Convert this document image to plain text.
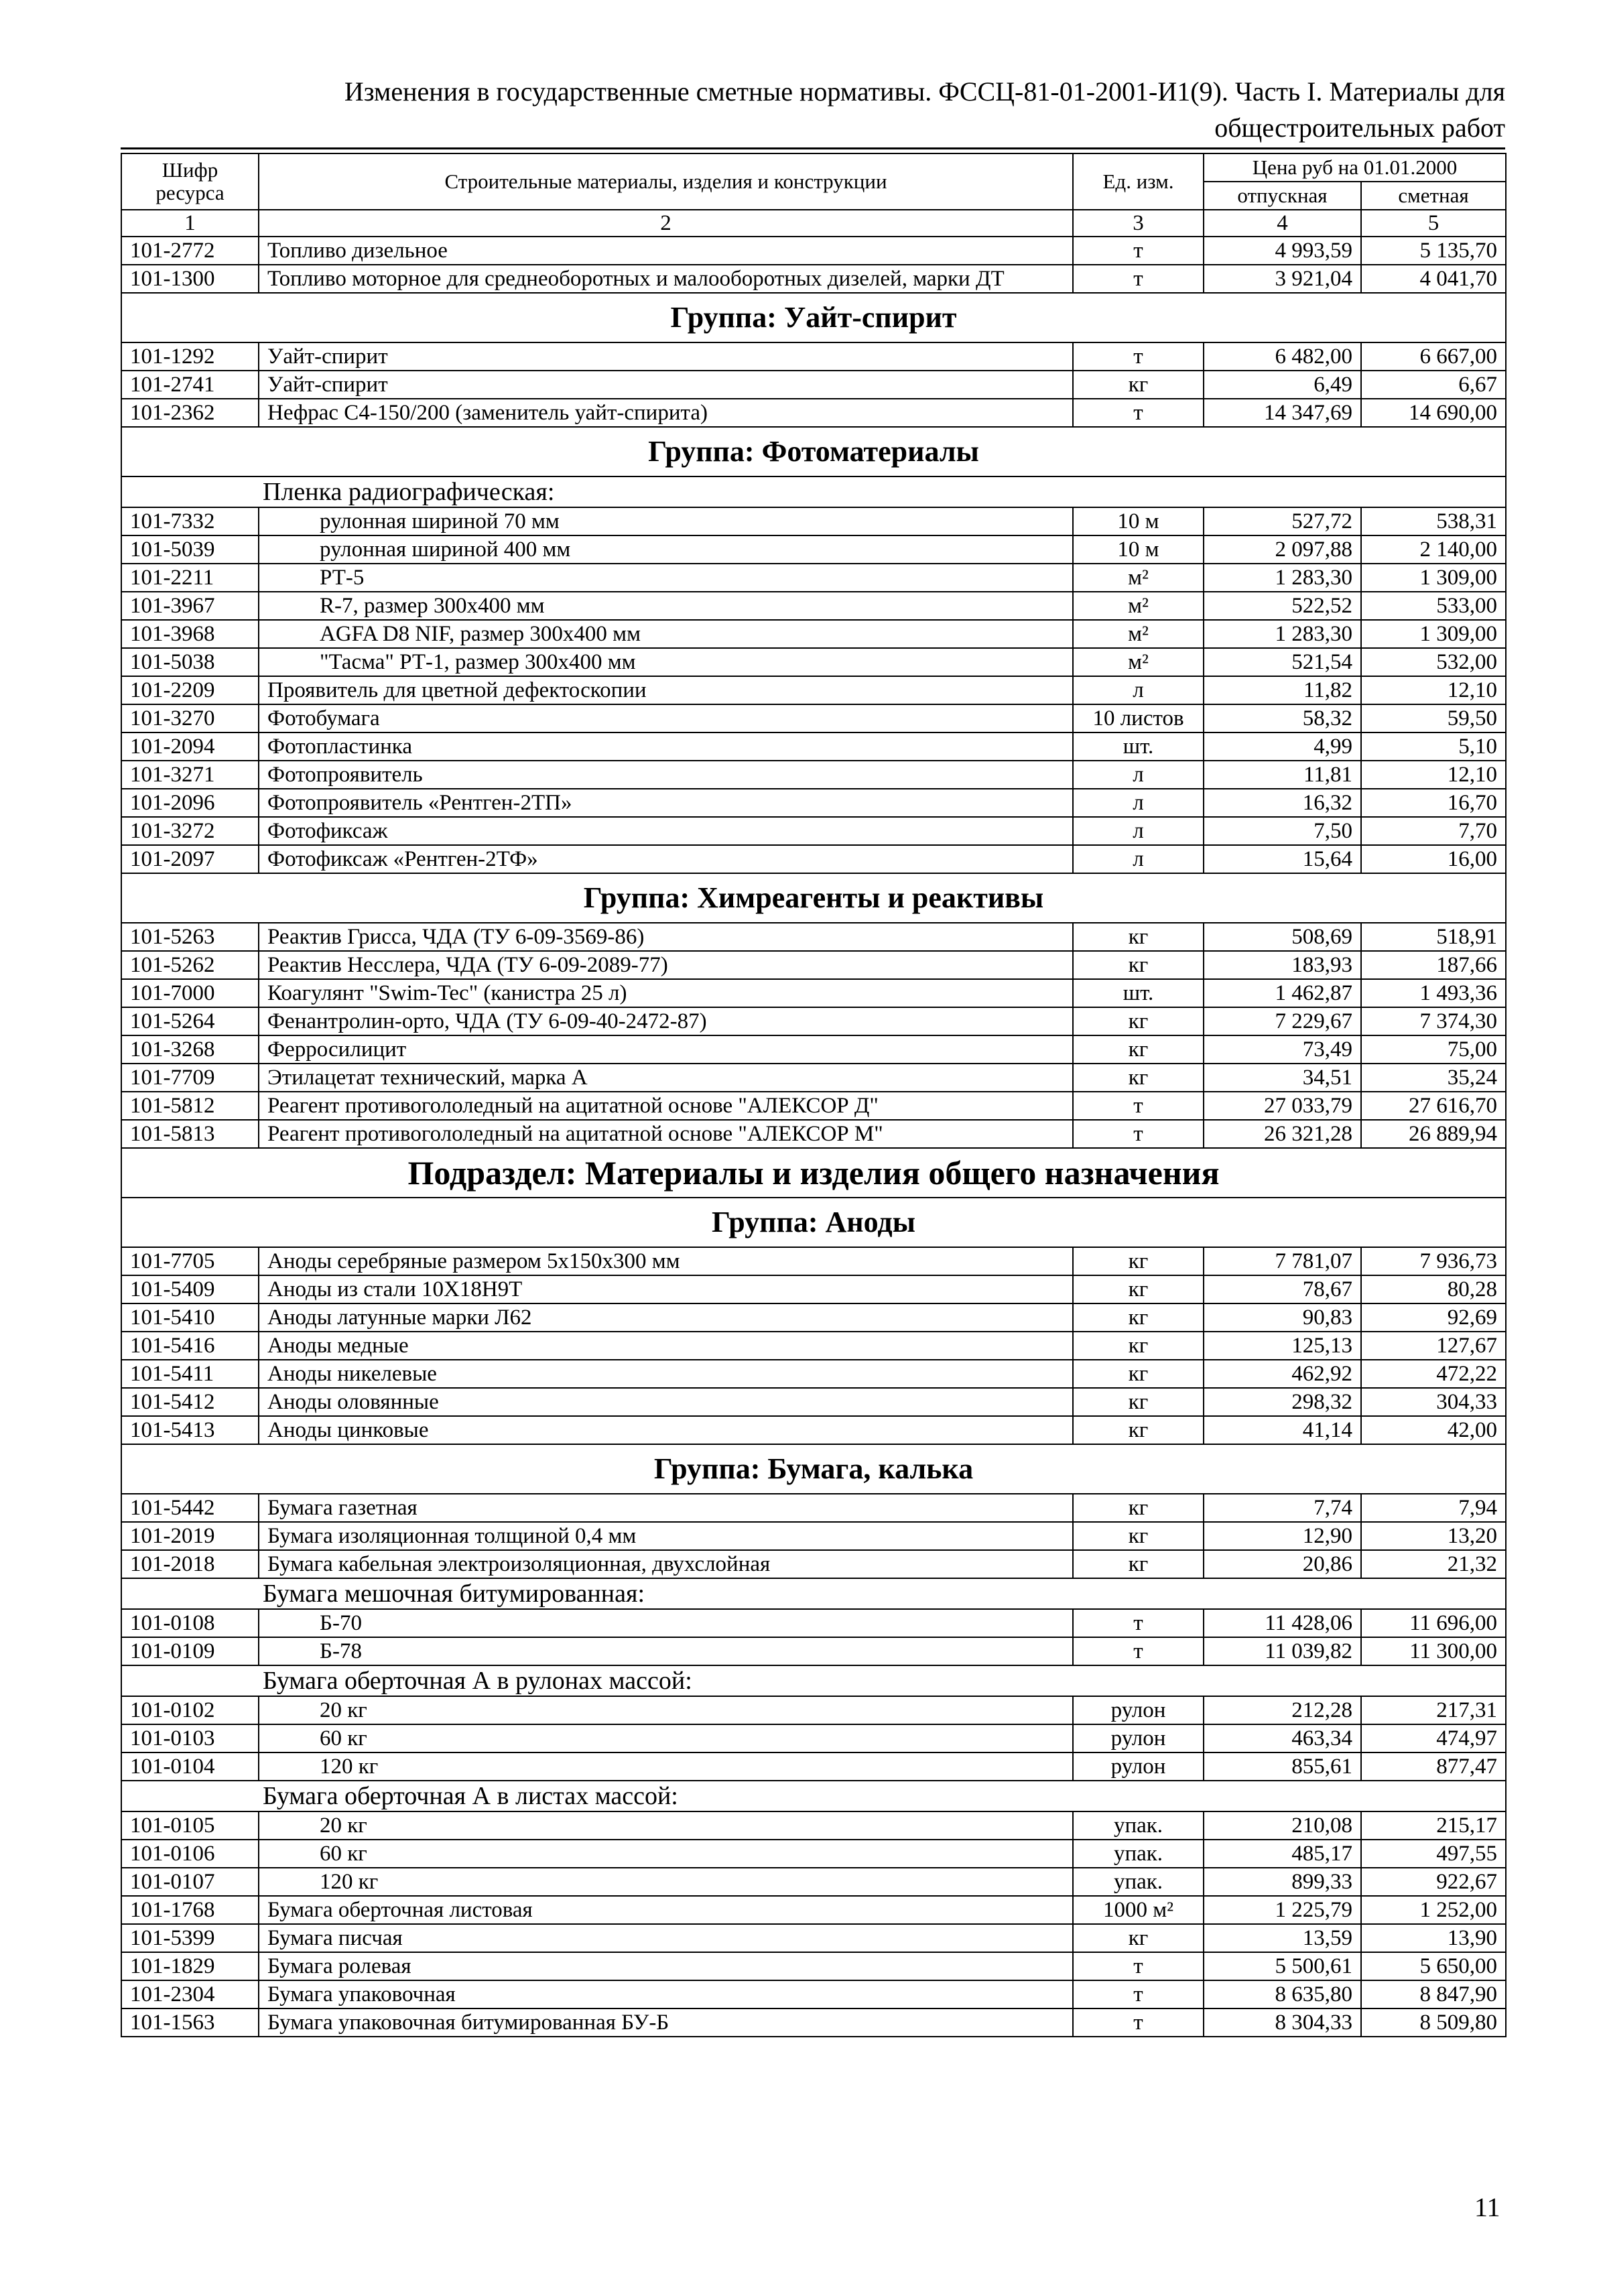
Изменения в государственные сметные нормативы. ФССЦ-81-01-2001-И1(9). Часть I. Материалы для
общестроительных работ
Шифр ресурса	Строительные материалы, изделия и конструкции	Ед. изм.	Цена руб на 01.01.2000	
			отпускная	сметная
1	2	3	4	5
101-2772	Топливо дизельное	т	4 993,59	5 135,70
101-1300	Топливо моторное для среднеоборотных и малооборотных дизелей, марки ДТ	т	3 921,04	4 041,70
Группа: Уайт-спирит				
101-1292	Уайт-спирит	т	6 482,00	6 667,00
101-2741	Уайт-спирит	кг	6,49	6,67
101-2362	Нефрас С4-150/200 (заменитель уайт-спирита)	т	14 347,69	14 690,00
Группа: Фотоматериалы				
Пленка радиографическая:				
101-7332	рулонная шириной 70 мм	10 м	527,72	538,31
101-5039	рулонная шириной 400 мм	10 м	2 097,88	2 140,00
101-2211	РТ-5	м²	1 283,30	1 309,00
101-3967	R-7, размер 300х400 мм	м²	522,52	533,00
101-3968	AGFA D8 NIF, размер 300х400 мм	м²	1 283,30	1 309,00
101-5038	"Тасма" РТ-1, размер 300х400 мм	м²	521,54	532,00
101-2209	Проявитель для цветной дефектоскопии	л	11,82	12,10
101-3270	Фотобумага	10 листов	58,32	59,50
101-2094	Фотопластинка	шт.	4,99	5,10
101-3271	Фотопроявитель	л	11,81	12,10
101-2096	Фотопроявитель «Рентген-2ТП»	л	16,32	16,70
101-3272	Фотофиксаж	л	7,50	7,70
101-2097	Фотофиксаж «Рентген-2ТФ»	л	15,64	16,00
Группа: Химреагенты и реактивы				
101-5263	Реактив Грисса, ЧДА (ТУ 6-09-3569-86)	кг	508,69	518,91
101-5262	Реактив Несслера, ЧДА (ТУ 6-09-2089-77)	кг	183,93	187,66
101-7000	Коагулянт "Swim-Tec" (канистра 25 л)	шт.	1 462,87	1 493,36
101-5264	Фенантролин-орто, ЧДА (ТУ 6-09-40-2472-87)	кг	7 229,67	7 374,30
101-3268	Ферросилицит	кг	73,49	75,00
101-7709	Этилацетат технический, марка А	кг	34,51	35,24
101-5812	Реагент противогололедный на ацитатной основе "АЛЕКСОР Д"	т	27 033,79	27 616,70
101-5813	Реагент противогололедный на ацитатной основе "АЛЕКСОР М"	т	26 321,28	26 889,94
Подраздел: Материалы и изделия общего назначения				
Группа: Аноды				
101-7705	Аноды серебряные размером 5х150х300 мм	кг	7 781,07	7 936,73
101-5409	Аноды из стали 10Х18Н9Т	кг	78,67	80,28
101-5410	Аноды латунные марки Л62	кг	90,83	92,69
101-5416	Аноды медные	кг	125,13	127,67
101-5411	Аноды никелевые	кг	462,92	472,22
101-5412	Аноды оловянные	кг	298,32	304,33
101-5413	Аноды цинковые	кг	41,14	42,00
Группа: Бумага, калька				
101-5442	Бумага газетная	кг	7,74	7,94
101-2019	Бумага изоляционная толщиной 0,4 мм	кг	12,90	13,20
101-2018	Бумага кабельная электроизоляционная, двухслойная	кг	20,86	21,32
Бумага мешочная битумированная:				
101-0108	Б-70	т	11 428,06	11 696,00
101-0109	Б-78	т	11 039,82	11 300,00
Бумага оберточная А в рулонах массой:				
101-0102	20 кг	рулон	212,28	217,31
101-0103	60 кг	рулон	463,34	474,97
101-0104	120 кг	рулон	855,61	877,47
Бумага оберточная А в листах массой:				
101-0105	20 кг	упак.	210,08	215,17
101-0106	60 кг	упак.	485,17	497,55
101-0107	120 кг	упак.	899,33	922,67
101-1768	Бумага оберточная листовая	1000 м²	1 225,79	1 252,00
101-5399	Бумага писчая	кг	13,59	13,90
101-1829	Бумага ролевая	т	5 500,61	5 650,00
101-2304	Бумага упаковочная	т	8 635,80	8 847,90
101-1563	Бумага упаковочная битумированная БУ-Б	т	8 304,33	8 509,80
11
